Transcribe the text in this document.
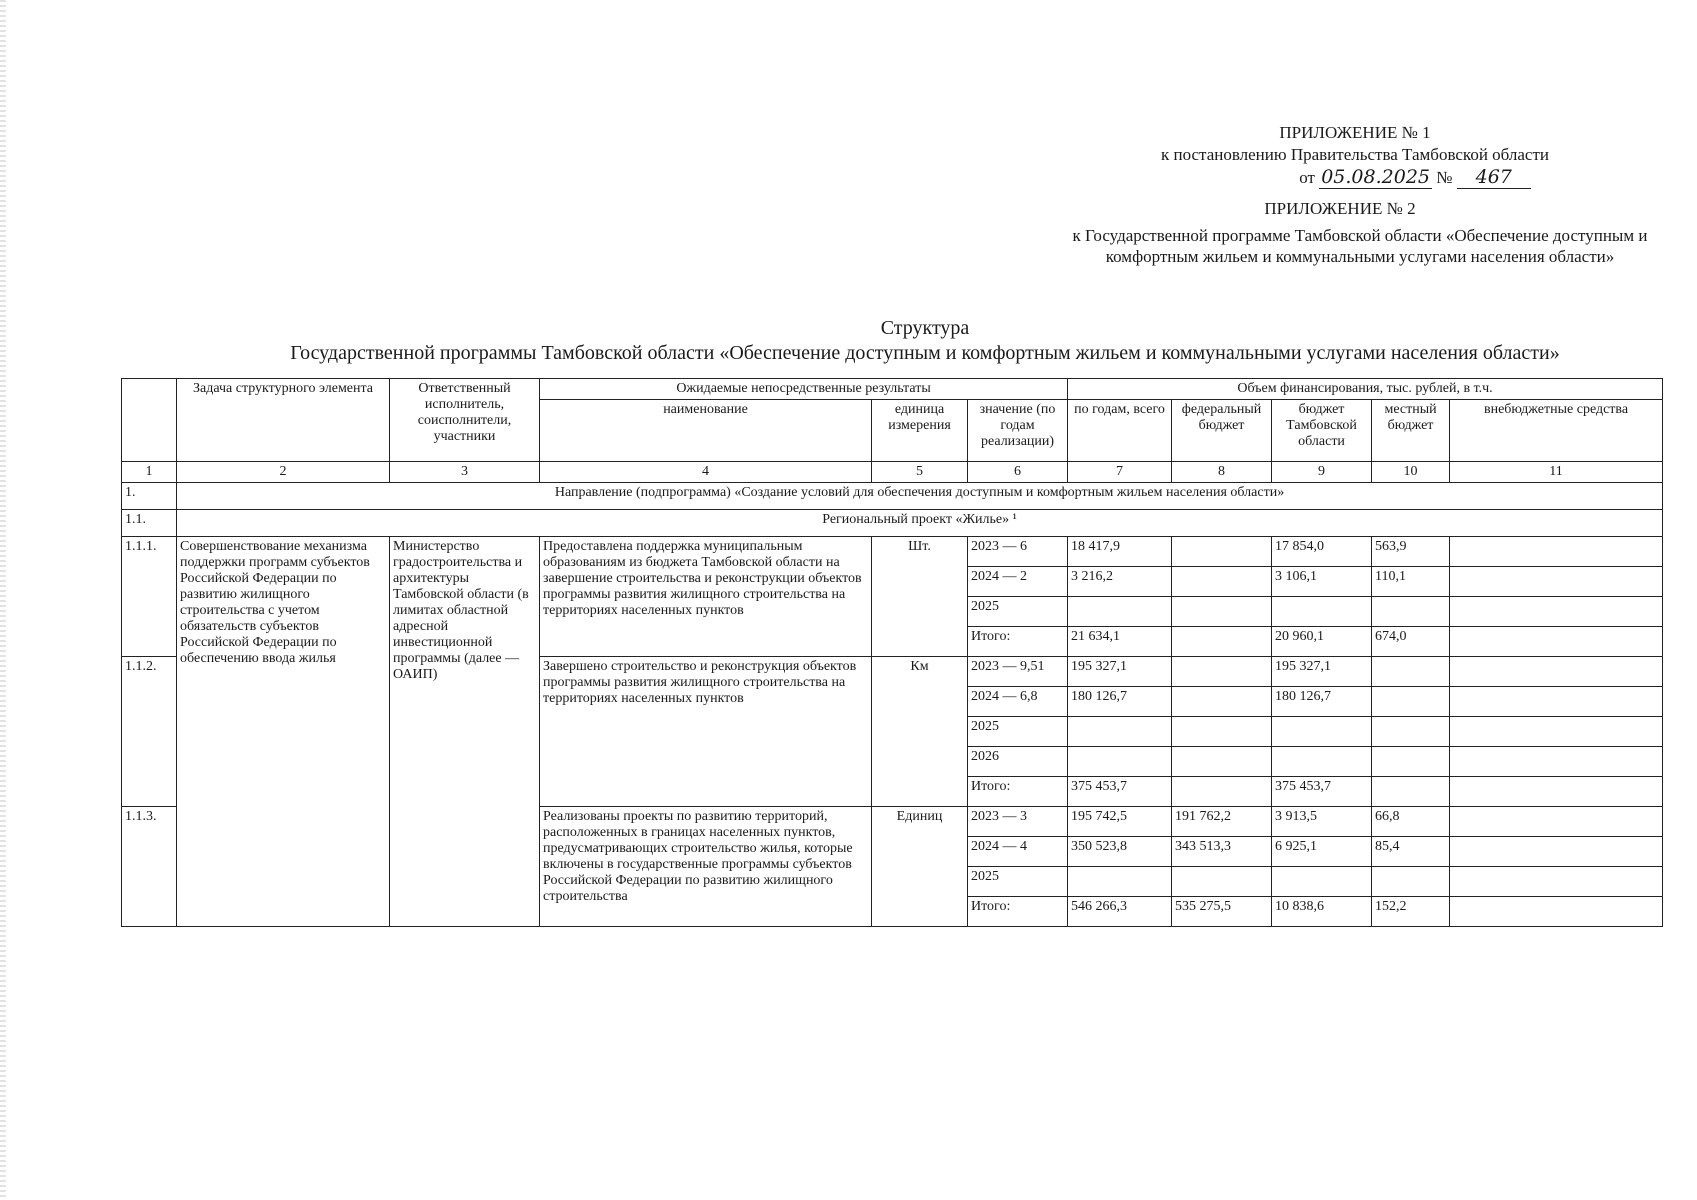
ПРИЛОЖЕНИЕ № 1
к постановлению Правительства Тамбовской области
от 05.08.2025 № 467
ПРИЛОЖЕНИЕ № 2
к Государственной программе Тамбовской области «Обеспечение доступным и комфортным жильем и коммунальными услугами населения области»
Структура
Государственной программы Тамбовской области «Обеспечение доступным и комфортным жильем и коммунальными услугами населения области»
	Задача структурного элемента	Ответственный исполнитель, соисполнители, участники	Ожидаемые непосредственные результаты			Объем финансирования, тыс. рублей, в т.ч.				
			наименование	единица измерения	значение (по годам реализации)	по годам, всего	федеральный бюджет	бюджет Тамбовской области	местный бюджет	внебюджетные средства
1	2	3	4	5	6	7	8	9	10	11
1.	Направление (подпрограмма) «Создание условий для обеспечения доступным и комфортным жильем населения области»									
1.1.	Региональный проект «Жилье» ¹									
1.1.1.	Совершенствование механизма поддержки программ субъектов Российской Федерации по развитию жилищного строительства с учетом обязательств субъектов Российской Федерации по обеспечению ввода жилья	Министерство градостроительства и архитектуры Тамбовской области (в лимитах областной адресной инвестиционной программы (далее — ОАИП)	Предоставлена поддержка муниципальным образованиям из бюджета Тамбовской области на завершение строительства и реконструкции объектов программы развития жилищного строительства на территориях населенных пунктов	Шт.	2023 — 6	18 417,9		17 854,0	563,9	
					2024 — 2	3 216,2		3 106,1	110,1	
					2025					
					Итого:	21 634,1		20 960,1	674,0	
1.1.2.			Завершено строительство и реконструкция объектов программы развития жилищного строительства на территориях населенных пунктов	Км	2023 — 9,51	195 327,1		195 327,1		
					2024 — 6,8	180 126,7		180 126,7		
					2025					
					2026					
					Итого:	375 453,7		375 453,7		
1.1.3.			Реализованы проекты по развитию территорий, расположенных в границах населенных пунктов, предусматривающих строительство жилья, которые включены в государственные программы субъектов Российской Федерации по развитию жилищного строительства	Единиц	2023 — 3	195 742,5	191 762,2	3 913,5	66,8	
					2024 — 4	350 523,8	343 513,3	6 925,1	85,4	
					2025					
					Итого:	546 266,3	535 275,5	10 838,6	152,2	
